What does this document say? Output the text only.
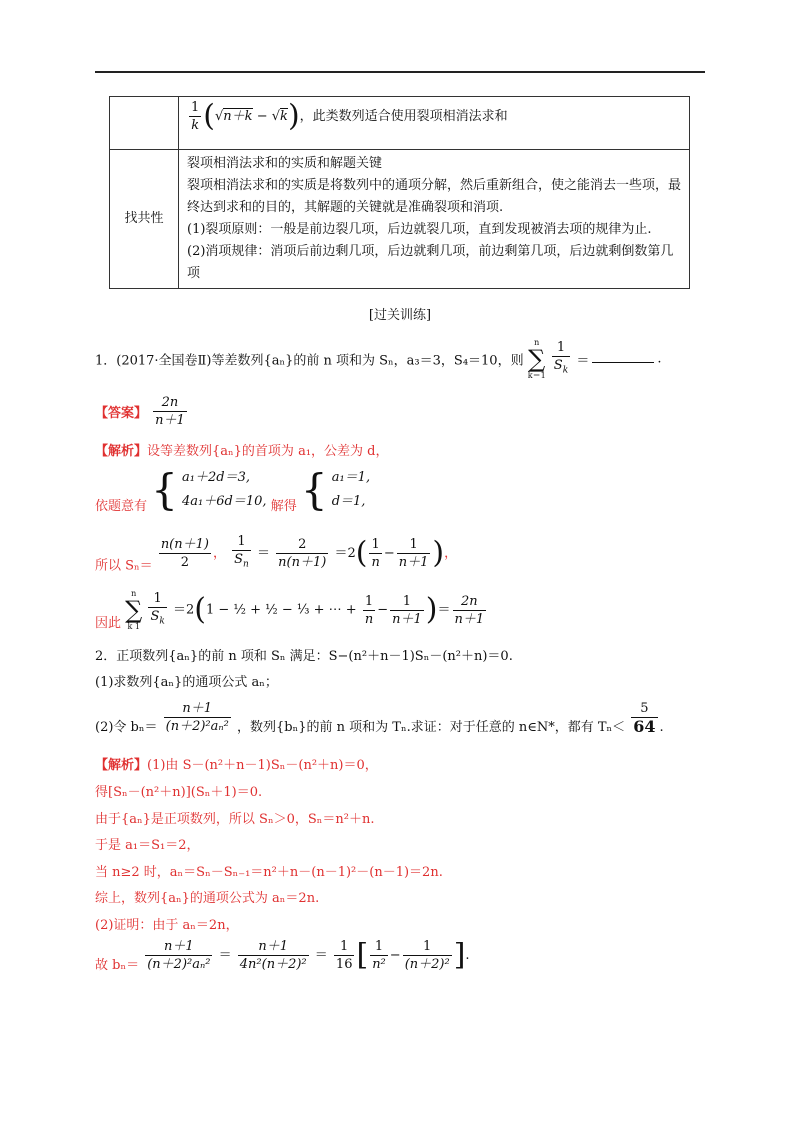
	$\frac{1}{k} (√n+k - √k)$，此类数列适合使用裂项相消法求和
找共性	裂项相消法求和的实质和解题关键
裂项相消法求和的实质是将数列中的通项分解，然后重新组合，使之能消去一些项，最终达到求和的目的，其解题的关键就是准确裂项和消项.
(1)裂项原则：一般是前边裂几项，后边就裂几项，直到发现被消去项的规律为止.
(2)消项规律：消项后前边剩几项，后边就剩几项，前边剩第几项，后边就剩倒数第几项
[过关训练]
1．(2017·全国卷Ⅱ)等差数列{aₙ}的前 n 项和为 Sₙ，a₃＝3，S₄＝10，则
n
∑
k＝1
$\frac{1}{S_k}$ ＝	.
【答案】 $\frac{2n}{n+1}$
【解析】设等差数列{aₙ}的首项为 a₁，公差为 d，
依题意有 { a₁＋2d＝3,
4a₁＋6d＝10, 解得 { a₁＝1,
d＝1,
所以 $S_n= \frac{n(n+1)}{2}$ ， $\frac{1}{S_n} = \frac{2}{n(n+1)} =2( \frac{1}{n} - \frac{1}{n+1}$ )，
因此
n
∑
k 1
$\frac{1}{S_k} =2(1$ − ½ + ½ − ⅓ + ⋯ + $\frac{1}{n} - \frac{1}{n+1}$ )＝ $\frac{2n}{n+1}$
2．正项数列{aₙ}的前 n 项和 Sₙ 满足：S−(n²＋n－1)Sₙ－(n²＋n)＝0.
(1)求数列{aₙ}的通项公式 aₙ；
(2)令 $b_n= \frac{n+1}{\text{(n＋2)²aₙ²}}$ ，数列{bₙ}的前 n 项和为 Tₙ.求证：对于任意的 n∈N*，都有 $T_n< \frac{5}{64}$ .
【解析】(1)由 S－(n²＋n－1)Sₙ－(n²＋n)＝0，
得[Sₙ－(n²＋n)](Sₙ＋1)＝0.
由于{aₙ}是正项数列，所以 Sₙ＞0，Sₙ＝n²＋n.
于是 a₁＝S₁＝2，
当 n≥2 时，aₙ＝Sₙ－Sₙ₋₁＝n²＋n－(n－1)²－(n－1)＝2n.
综上，数列{aₙ}的通项公式为 aₙ＝2n.
(2)证明：由于 aₙ＝2n，
故 $b_n= \frac{n+1}{\text{(n＋2)²aₙ²}} = \frac{n+1}{\text{4n²(n＋2)²}} = \frac{1}{16}$ [ $\frac{1}{\text{n²}} - \frac{1}{\text{(n＋2)²}}$ ].
